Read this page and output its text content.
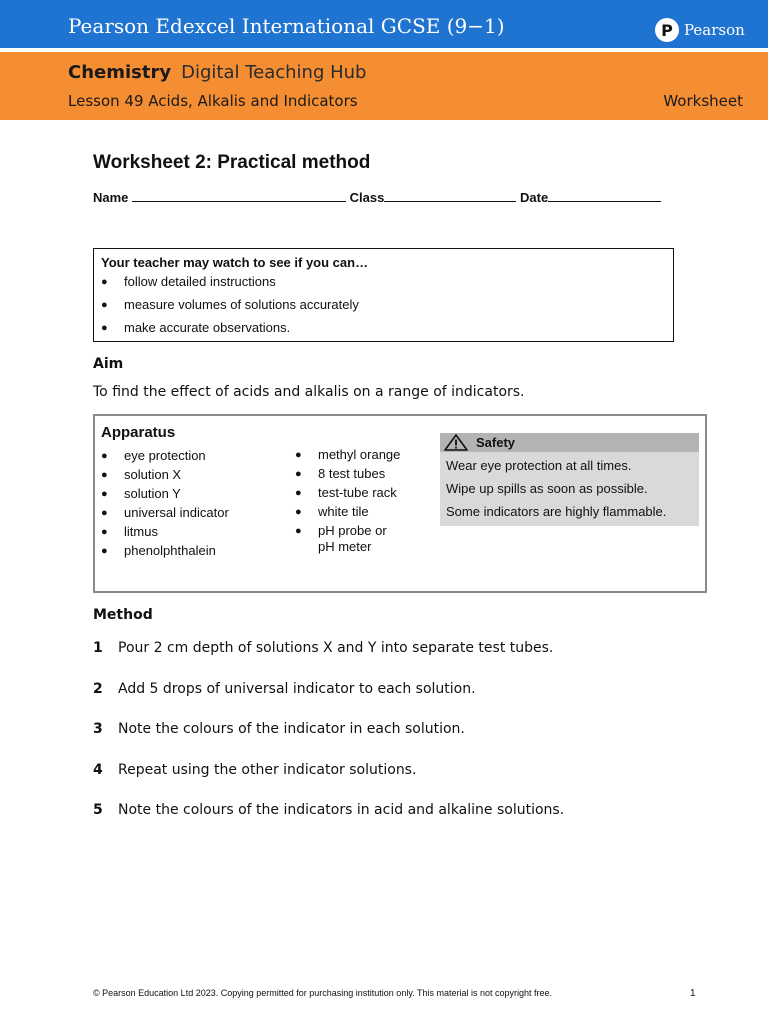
Pearson Edexcel International GCSE (9−1)	P Pearson
Chemistry Digital Teaching Hub
Lesson 49 Acids, Alkalis and Indicators	Worksheet
Worksheet 2: Practical method
Name	Class	Date
Your teacher may watch to see if you can…
● follow detailed instructions
● measure volumes of solutions accurately
● make accurate observations.
Aim
To find the effect of acids and alkalis on a range of indicators.
Apparatus
● eye protection
● solution X
● solution Y
● universal indicator
● litmus
● phenolphthalein
● methyl orange
● 8 test tubes
● test-tube rack
● white tile
● pH probe or
pH meter
Safety
Wear eye protection at all times.
Wipe up spills as soon as possible.
Some indicators are highly flammable.
Method
1 Pour 2 cm depth of solutions X and Y into separate test tubes.
2 Add 5 drops of universal indicator to each solution.
3 Note the colours of the indicator in each solution.
4 Repeat using the other indicator solutions.
5 Note the colours of the indicators in acid and alkaline solutions.
© Pearson Education Ltd 2023. Copying permitted for purchasing institution only. This material is not copyright free.	1
